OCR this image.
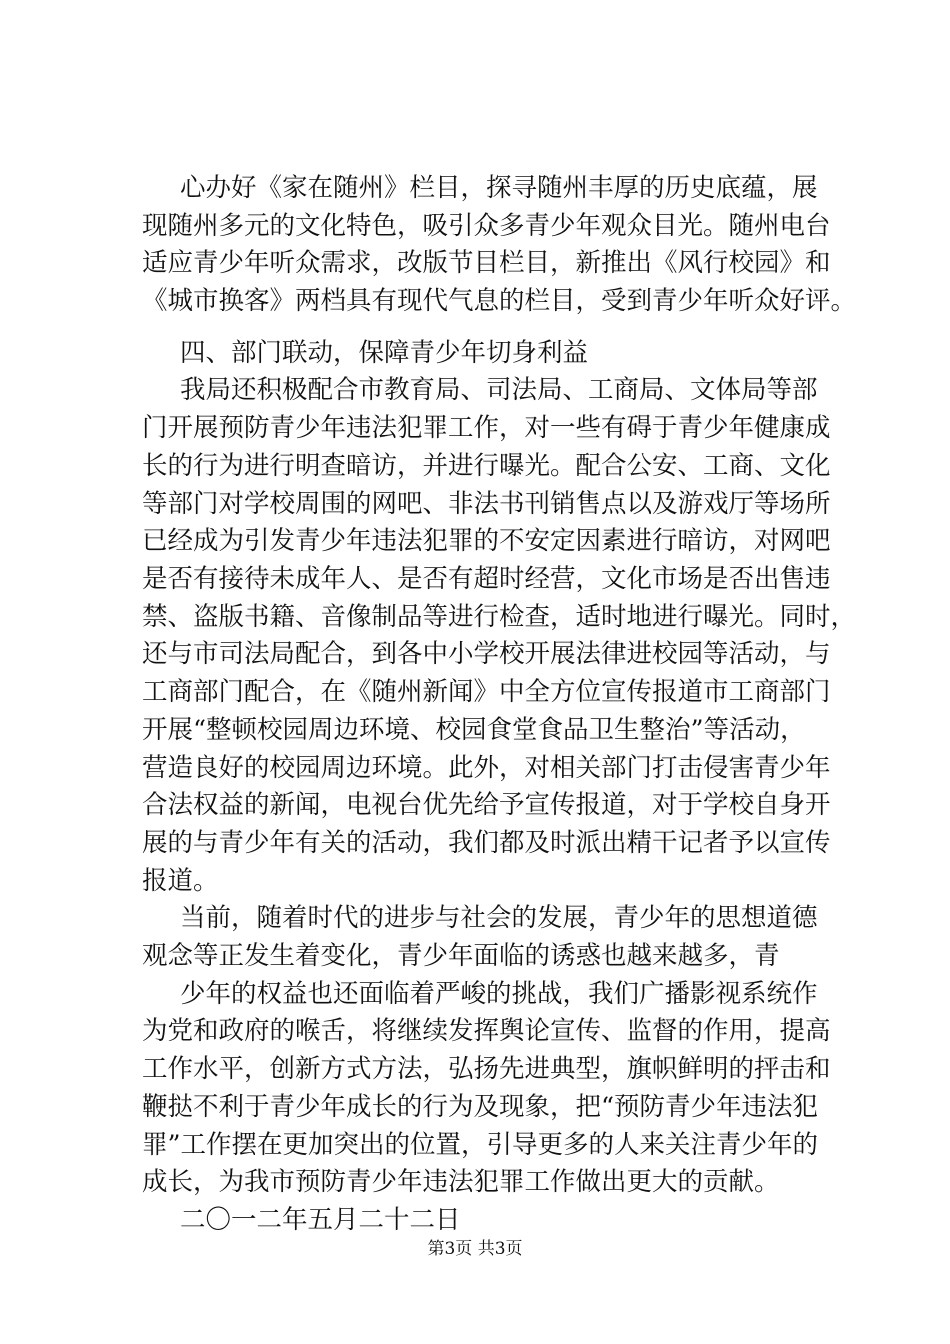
心办好《家在随州》栏目，探寻随州丰厚的历史底蕴，展

现随州多元的文化特色，吸引众多青少年观众目光。随州电台

适应青少年听众需求，改版节目栏目，新推出《风行校园》和

《城市换客》两档具有现代气息的栏目，受到青少年听众好评。

四、部门联动，保障青少年切身利益

我局还积极配合市教育局、司法局、工商局、文体局等部

门开展预防青少年违法犯罪工作，对一些有碍于青少年健康成

长的行为进行明查暗访，并进行曝光。配合公安、工商、文化

等部门对学校周围的网吧、非法书刊销售点以及游戏厅等场所

已经成为引发青少年违法犯罪的不安定因素进行暗访，对网吧

是否有接待未成年人、是否有超时经营，文化市场是否出售违

禁、盗版书籍、音像制品等进行检查，适时地进行曝光。同时，

还与市司法局配合，到各中小学校开展法律进校园等活动，与

工商部门配合，在《随州新闻》中全方位宣传报道市工商部门

开展“整顿校园周边环境、校园食堂食品卫生整治”等活动，

营造良好的校园周边环境。此外，对相关部门打击侵害青少年

合法权益的新闻，电视台优先给予宣传报道，对于学校自身开

展的与青少年有关的活动，我们都及时派出精干记者予以宣传

报道。

当前，随着时代的进步与社会的发展，青少年的思想道德

观念等正发生着变化，青少年面临的诱惑也越来越多，青

少年的权益也还面临着严峻的挑战，我们广播影视系统作

为党和政府的喉舌，将继续发挥舆论宣传、监督的作用，提高

工作水平，创新方式方法，弘扬先进典型，旗帜鲜明的抨击和

鞭挞不利于青少年成长的行为及现象，把“预防青少年违法犯

罪”工作摆在更加突出的位置，引导更多的人来关注青少年的

成长，为我市预防青少年违法犯罪工作做出更大的贡献。

二〇一二年五月二十二日

第3页 共3页
